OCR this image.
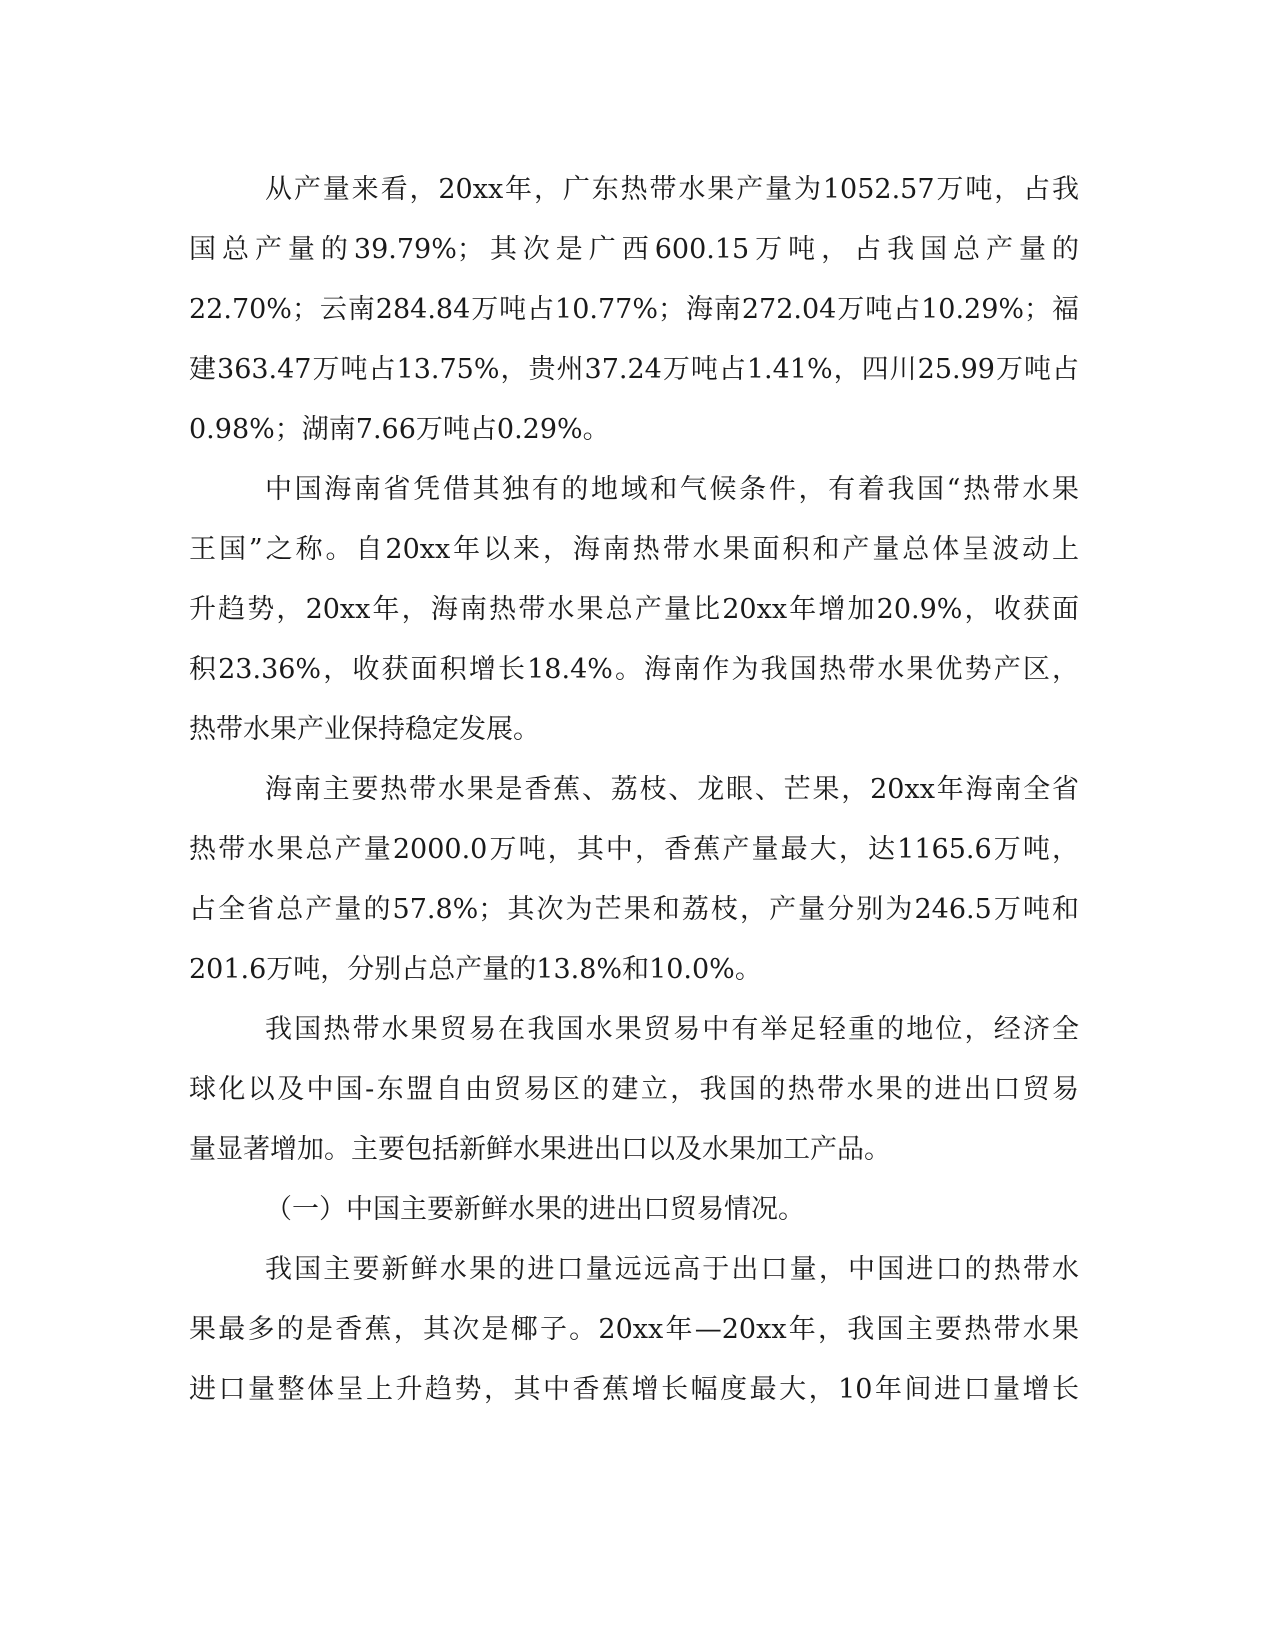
从产量来看，20xx年，广东热带水果产量为1052.57万吨，占我
国总产量的39.79%；其次是广西600.15万吨，占我国总产量的
22.70%；云南284.84万吨占10.77%；海南272.04万吨占10.29%；福
建363.47万吨占13.75%，贵州37.24万吨占1.41%，四川25.99万吨占
0.98%；湖南7.66万吨占0.29%。
中国海南省凭借其独有的地域和气候条件，有着我国“热带水果
王国”之称。自20xx年以来，海南热带水果面积和产量总体呈波动上
升趋势，20xx年，海南热带水果总产量比20xx年增加20.9%，收获面
积23.36%，收获面积增长18.4%。海南作为我国热带水果优势产区，
热带水果产业保持稳定发展。
海南主要热带水果是香蕉、荔枝、龙眼、芒果，20xx年海南全省
热带水果总产量2000.0万吨，其中，香蕉产量最大，达1165.6万吨，
占全省总产量的57.8%；其次为芒果和荔枝，产量分别为246.5万吨和
201.6万吨，分别占总产量的13.8%和10.0%。
我国热带水果贸易在我国水果贸易中有举足轻重的地位，经济全
球化以及中国-东盟自由贸易区的建立，我国的热带水果的进出口贸易
量显著增加。主要包括新鲜水果进出口以及水果加工产品。
（一）中国主要新鲜水果的进出口贸易情况。
我国主要新鲜水果的进口量远远高于出口量，中国进口的热带水
果最多的是香蕉，其次是椰子。20xx年—20xx年，我国主要热带水果
进口量整体呈上升趋势，其中香蕉增长幅度最大，10年间进口量增长
